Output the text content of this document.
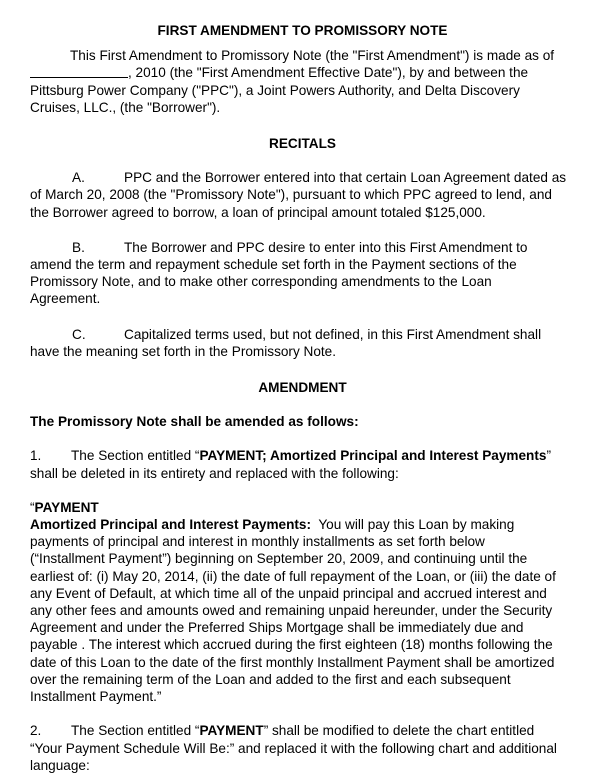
FIRST AMENDMENT TO PROMISSORY NOTE

This First Amendment to Promissory Note (the "First Amendment") is made as of
, 2010 (the "First Amendment Effective Date"), by and between the
Pittsburg Power Company ("PPC"), a Joint Powers Authority, and Delta Discovery
Cruises, LLC., (the "Borrower").

RECITALS

A.	PPC and the Borrower entered into that certain Loan Agreement dated as
of March 20, 2008 (the "Promissory Note"), pursuant to which PPC agreed to lend, and
the Borrower agreed to borrow, a loan of principal amount totaled $125,000.
B.	The Borrower and PPC desire to enter into this First Amendment to
amend the term and repayment schedule set forth in the Payment sections of the
Promissory Note, and to make other corresponding amendments to the Loan
Agreement.
C.	Capitalized terms used, but not defined, in this First Amendment shall
have the meaning set forth in the Promissory Note.

AMENDMENT

The Promissory Note shall be amended as follows:

1. The Section entitled “PAYMENT; Amortized Principal and Interest Payments”
shall be deleted in its entirety and replaced with the following:
“PAYMENT
Amortized Principal and Interest Payments:  You will pay this Loan by making
payments of principal and interest in monthly installments as set forth below
(“Installment Payment”) beginning on September 20, 2009, and continuing until the
earliest of: (i) May 20, 2014, (ii) the date of full repayment of the Loan, or (iii) the date of
any Event of Default, at which time all of the unpaid principal and accrued interest and
any other fees and amounts owed and remaining unpaid hereunder, under the Security
Agreement and under the Preferred Ships Mortgage shall be immediately due and
payable . The interest which accrued during the first eighteen (18) months following the
date of this Loan to the date of the first monthly Installment Payment shall be amortized
over the remaining term of the Loan and added to the first and each subsequent
Installment Payment.”
2. The Section entitled “PAYMENT” shall be modified to delete the chart entitled
“Your Payment Schedule Will Be:” and replaced it with the following chart and additional
language:
